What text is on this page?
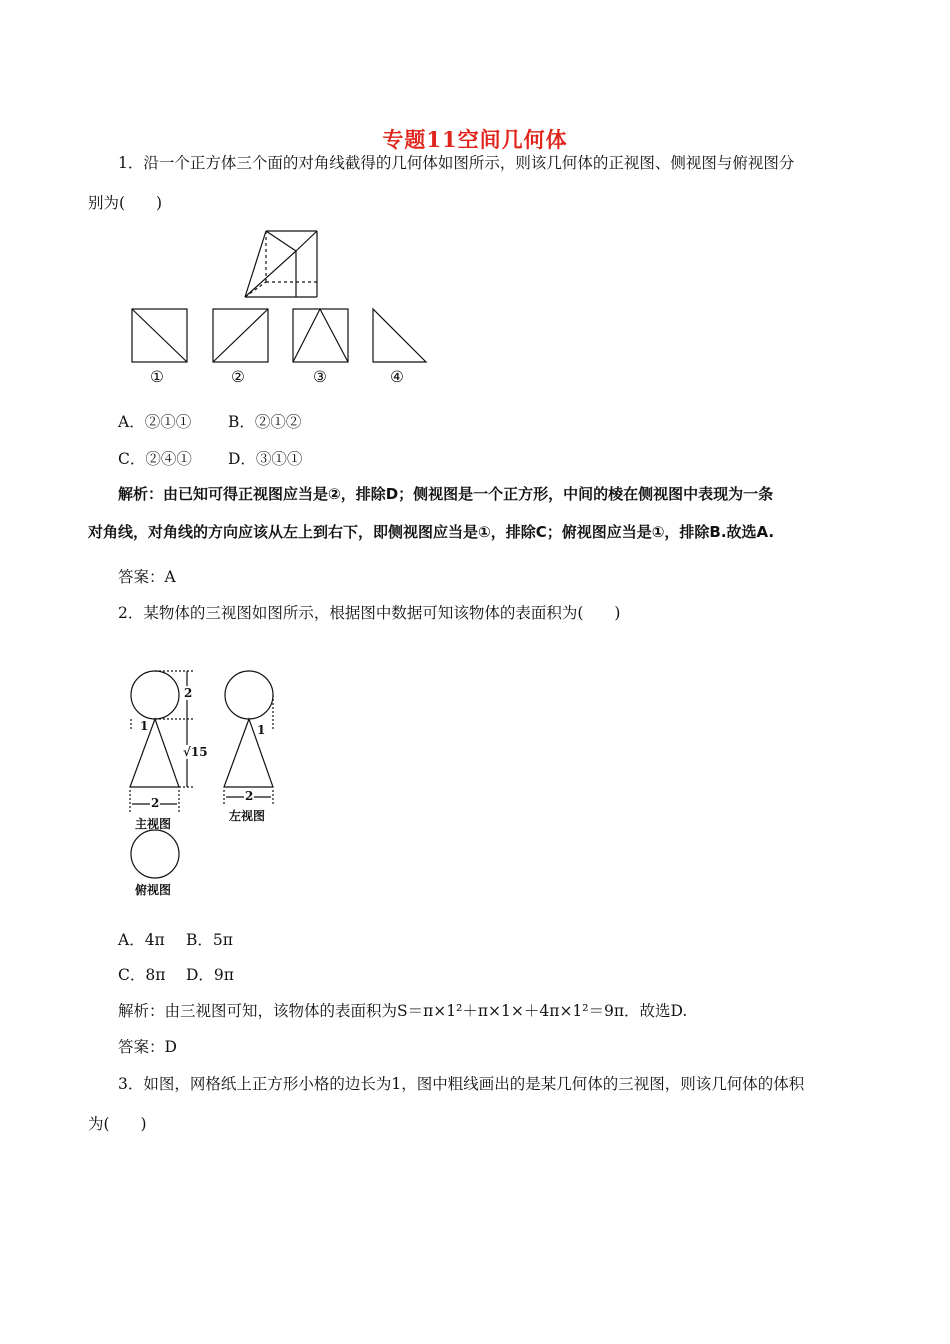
专题11空间几何体
1．沿一个正方体三个面的对角线截得的几何体如图所示，则该几何体的正视图、侧视图与俯视图分
别为(　　)
①	②	③	④
A．②①① B．②①②
C．②④① D．③①①
解析：由已知可得正视图应当是②，排除D；侧视图是一个正方形，中间的棱在侧视图中表现为一条
对角线，对角线的方向应该从左上到右下，即侧视图应当是①，排除C；俯视图应当是①，排除B.故选A.
答案：A
2．某物体的三视图如图所示，根据图中数据可知该物体的表面积为(　　)
2
1
√15
2
1
2
主视图
左视图
俯视图
A．4π B．5π
C．8π D．9π
解析：由三视图可知，该物体的表面积为S＝π×1²＋π×1×＋4π×1²＝9π．故选D.
答案：D
3．如图，网格纸上正方形小格的边长为1，图中粗线画出的是某几何体的三视图，则该几何体的体积
为(　　)
